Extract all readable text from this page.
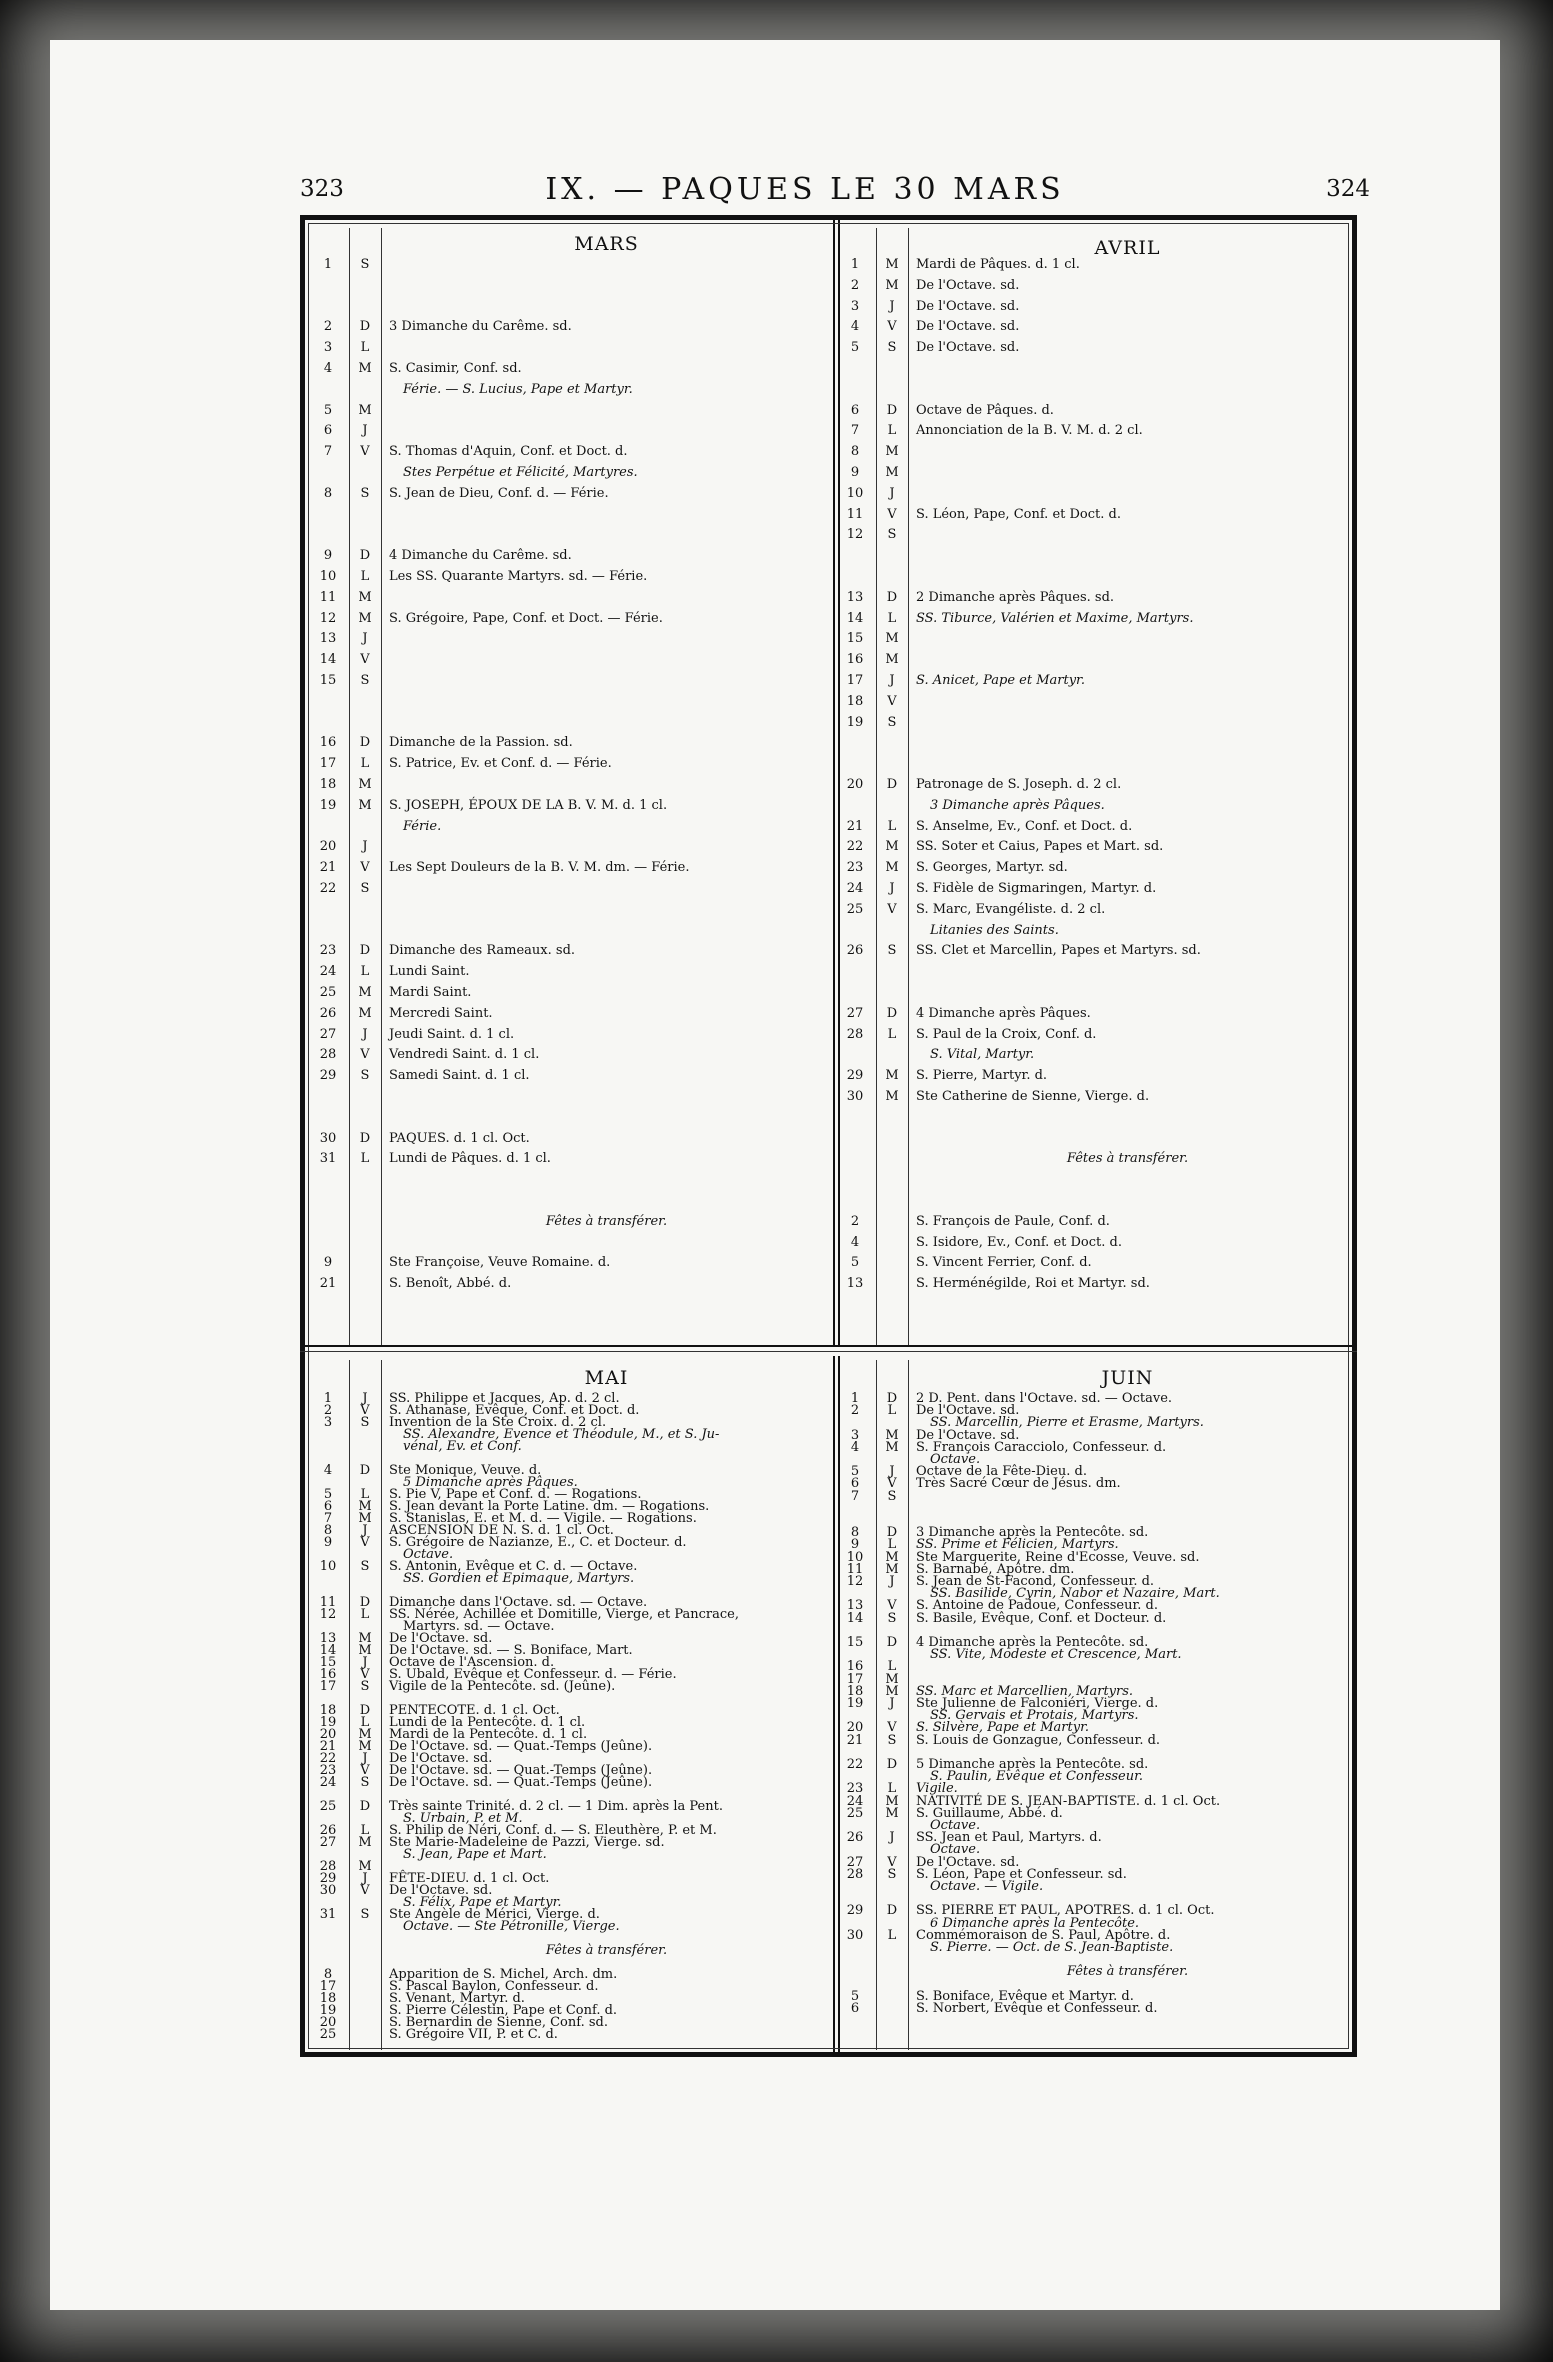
323	IX. — PAQUES LE 30 MARS	324
MARS
1	S
2	D	3 Dimanche du Carême. sd.
3	L
4	M	S. Casimir, Conf. sd.
Férie. — S. Lucius, Pape et Martyr.
5	M
6	J
7	V	S. Thomas d'Aquin, Conf. et Doct. d.
Stes Perpétue et Félicité, Martyres.
8	S	S. Jean de Dieu, Conf. d. — Férie.
9	D	4 Dimanche du Carême. sd.
10	L	Les SS. Quarante Martyrs. sd. — Férie.
11	M
12	M	S. Grégoire, Pape, Conf. et Doct. — Férie.
13	J
14	V
15	S
16	D	Dimanche de la Passion. sd.
17	L	S. Patrice, Ev. et Conf. d. — Férie.
18	M
19	M	S. JOSEPH, ÉPOUX DE LA B. V. M. d. 1 cl.
Férie.
20	J
21	V	Les Sept Douleurs de la B. V. M. dm. — Férie.
22	S
23	D	Dimanche des Rameaux. sd.
24	L	Lundi Saint.
25	M	Mardi Saint.
26	M	Mercredi Saint.
27	J	Jeudi Saint. d. 1 cl.
28	V	Vendredi Saint. d. 1 cl.
29	S	Samedi Saint. d. 1 cl.
30	D	PAQUES. d. 1 cl. Oct.
31	L	Lundi de Pâques. d. 1 cl.
Fêtes à transférer.
9	Ste Françoise, Veuve Romaine. d.
21	S. Benoît, Abbé. d.
AVRIL
1	M	Mardi de Pâques. d. 1 cl.
2	M	De l'Octave. sd.
3	J	De l'Octave. sd.
4	V	De l'Octave. sd.
5	S	De l'Octave. sd.
6	D	Octave de Pâques. d.
7	L	Annonciation de la B. V. M. d. 2 cl.
8	M
9	M
10	J
11	V	S. Léon, Pape, Conf. et Doct. d.
12	S
13	D	2 Dimanche après Pâques. sd.
14	L	SS. Tiburce, Valérien et Maxime, Martyrs.
15	M
16	M
17	J	S. Anicet, Pape et Martyr.
18	V
19	S
20	D	Patronage de S. Joseph. d. 2 cl.
3 Dimanche après Pâques.
21	L	S. Anselme, Ev., Conf. et Doct. d.
22	M	SS. Soter et Caius, Papes et Mart. sd.
23	M	S. Georges, Martyr. sd.
24	J	S. Fidèle de Sigmaringen, Martyr. d.
25	V	S. Marc, Evangéliste. d. 2 cl.
Litanies des Saints.
26	S	SS. Clet et Marcellin, Papes et Martyrs. sd.
27	D	4 Dimanche après Pâques.
28	L	S. Paul de la Croix, Conf. d.
S. Vital, Martyr.
29	M	S. Pierre, Martyr. d.
30	M	Ste Catherine de Sienne, Vierge. d.
Fêtes à transférer.
2	S. François de Paule, Conf. d.
4	S. Isidore, Ev., Conf. et Doct. d.
5	S. Vincent Ferrier, Conf. d.
13	S. Herménégilde, Roi et Martyr. sd.
MAI
1	J	SS. Philippe et Jacques, Ap. d. 2 cl.
2	V	S. Athanase, Evêque, Conf. et Doct. d.
3	S	Invention de la Ste Croix. d. 2 cl.
SS. Alexandre, Evence et Théodule, M., et S. Ju-
vénal, Ev. et Conf.
4	D	Ste Monique, Veuve. d.
5 Dimanche après Pâques.
5	L	S. Pie V, Pape et Conf. d. — Rogations.
6	M	S. Jean devant la Porte Latine. dm. — Rogations.
7	M	S. Stanislas, E. et M. d. — Vigile. — Rogations.
8	J	ASCENSION DE N. S. d. 1 cl. Oct.
9	V	S. Grégoire de Nazianze, E., C. et Docteur. d.
Octave.
10	S	S. Antonin, Evêque et C. d. — Octave.
SS. Gordien et Epimaque, Martyrs.
11	D	Dimanche dans l'Octave. sd. — Octave.
12	L	SS. Nérée, Achillée et Domitille, Vierge, et Pancrace,
Martyrs. sd. — Octave.
13	M	De l'Octave. sd.
14	M	De l'Octave. sd. — S. Boniface, Mart.
15	J	Octave de l'Ascension. d.
16	V	S. Ubald, Evêque et Confesseur. d. — Férie.
17	S	Vigile de la Pentecôte. sd. (Jeûne).
18	D	PENTECOTE. d. 1 cl. Oct.
19	L	Lundi de la Pentecôte. d. 1 cl.
20	M	Mardi de la Pentecôte. d. 1 cl.
21	M	De l'Octave. sd. — Quat.-Temps (Jeûne).
22	J	De l'Octave. sd.
23	V	De l'Octave. sd. — Quat.-Temps (Jeûne).
24	S	De l'Octave. sd. — Quat.-Temps (Jeûne).
25	D	Très sainte Trinité. d. 2 cl. — 1 Dim. après la Pent.
S. Urbain, P. et M.
26	L	S. Philip de Néri, Conf. d. — S. Eleuthère, P. et M.
27	M	Ste Marie-Madeleine de Pazzi, Vierge. sd.
S. Jean, Pape et Mart.
28	M
29	J	FÊTE-DIEU. d. 1 cl. Oct.
30	V	De l'Octave. sd.
S. Félix, Pape et Martyr.
31	S	Ste Angèle de Mérici, Vierge. d.
Octave. — Ste Pétronille, Vierge.
Fêtes à transférer.
8	Apparition de S. Michel, Arch. dm.
17	S. Pascal Baylon, Confesseur. d.
18	S. Venant, Martyr. d.
19	S. Pierre Célestin, Pape et Conf. d.
20	S. Bernardin de Sienne, Conf. sd.
25	S. Grégoire VII, P. et C. d.
JUIN
1	D	2 D. Pent. dans l'Octave. sd. — Octave.
2	L	De l'Octave. sd.
SS. Marcellin, Pierre et Erasme, Martyrs.
3	M	De l'Octave. sd.
4	M	S. François Caracciolo, Confesseur. d.
Octave.
5	J	Octave de la Fête-Dieu. d.
6	V	Très Sacré Cœur de Jésus. dm.
7	S
8	D	3 Dimanche après la Pentecôte. sd.
9	L	SS. Prime et Félicien, Martyrs.
10	M	Ste Marguerite, Reine d'Ecosse, Veuve. sd.
11	M	S. Barnabé, Apôtre. dm.
12	J	S. Jean de St-Facond, Confesseur. d.
SS. Basilide, Cyrin, Nabor et Nazaire, Mart.
13	V	S. Antoine de Padoue, Confesseur. d.
14	S	S. Basile, Evêque, Conf. et Docteur. d.
15	D	4 Dimanche après la Pentecôte. sd.
SS. Vite, Modeste et Crescence, Mart.
16	L
17	M
18	M	SS. Marc et Marcellien, Martyrs.
19	J	Ste Julienne de Falconiéri, Vierge. d.
SS. Gervais et Protais, Martyrs.
20	V	S. Silvère, Pape et Martyr.
21	S	S. Louis de Gonzague, Confesseur. d.
22	D	5 Dimanche après la Pentecôte. sd.
S. Paulin, Evêque et Confesseur.
23	L	Vigile.
24	M	NATIVITÉ DE S. JEAN-BAPTISTE. d. 1 cl. Oct.
25	M	S. Guillaume, Abbé. d.
Octave.
26	J	SS. Jean et Paul, Martyrs. d.
Octave.
27	V	De l'Octave. sd.
28	S	S. Léon, Pape et Confesseur. sd.
Octave. — Vigile.
29	D	SS. PIERRE ET PAUL, APOTRES. d. 1 cl. Oct.
6 Dimanche après la Pentecôte.
30	L	Commémoraison de S. Paul, Apôtre. d.
S. Pierre. — Oct. de S. Jean-Baptiste.
Fêtes à transférer.
5	S. Boniface, Evêque et Martyr. d.
6	S. Norbert, Evêque et Confesseur. d.
